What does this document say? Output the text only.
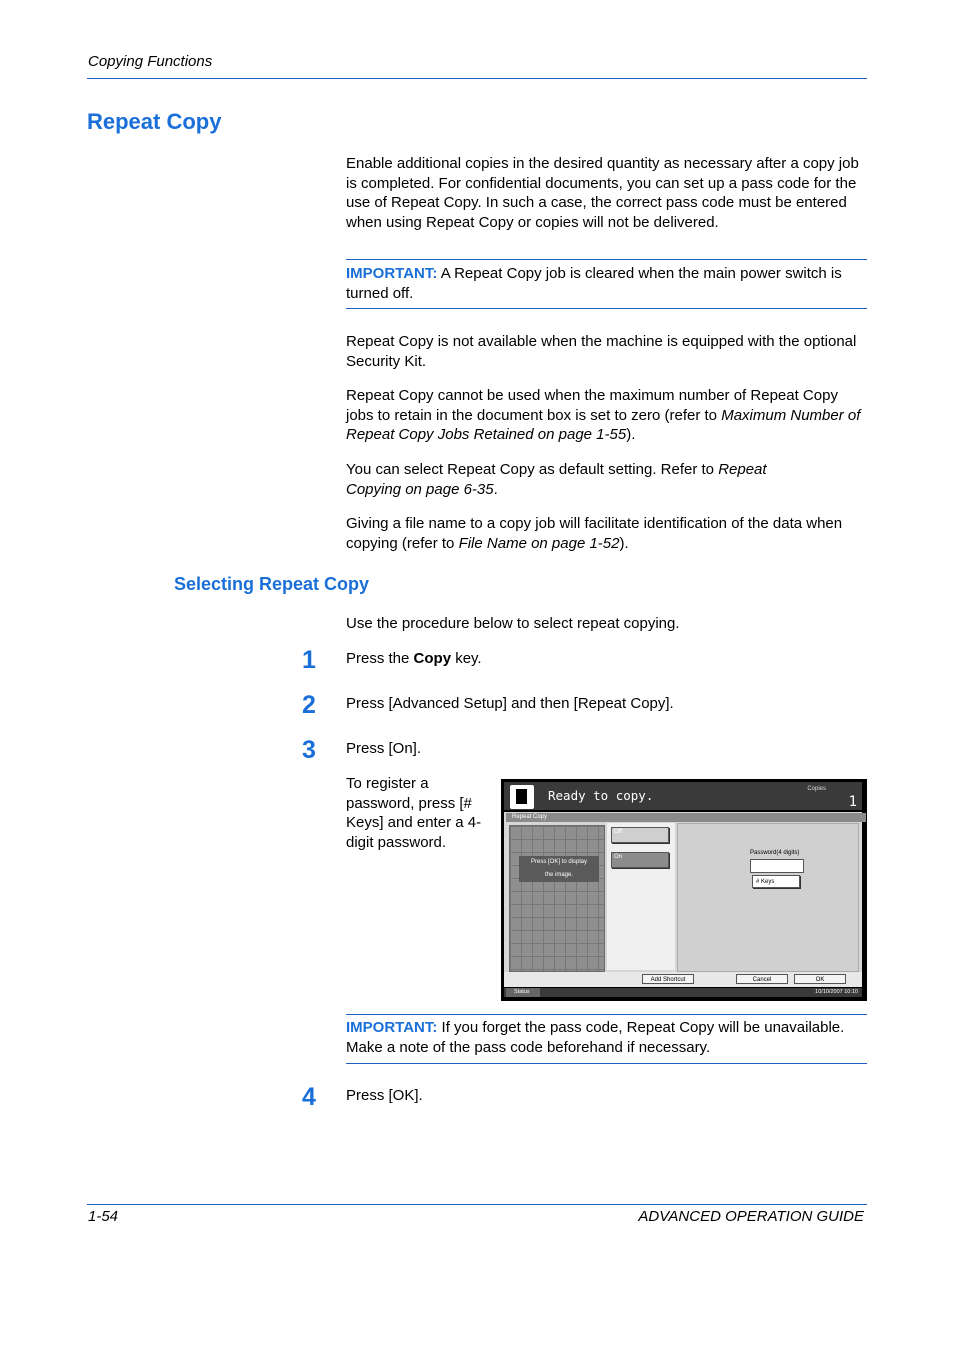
Copying Functions
Repeat Copy
Enable additional copies in the desired quantity as necessary after a copy job is completed. For confidential documents, you can set up a pass code for the use of Repeat Copy. In such a case, the correct pass code must be entered when using Repeat Copy or copies will not be delivered.
IMPORTANT: A Repeat Copy job is cleared when the main power switch is turned off.
Repeat Copy is not available when the machine is equipped with the optional Security Kit.
Repeat Copy cannot be used when the maximum number of Repeat Copy jobs to retain in the document box is set to zero (refer to Maximum Number of Repeat Copy Jobs Retained on page 1-55).
You can select Repeat Copy as default setting. Refer to Repeat Copying on page 6-35.
Giving a file name to a copy job will facilitate identification of the data when copying (refer to File Name on page 1-52).
Selecting Repeat Copy
Use the procedure below to select repeat copying.
1 Press the Copy key.
2 Press [Advanced Setup] and then [Repeat Copy].
3 Press [On].
To register a password, press [# Keys] and enter a 4-digit password.
Ready to copy.	Copies
1
Repeat Copy
Press [OK] to display
the image.
Off
On
Password(4 digits)
# Keys
Add Shortcut	Cancel	OK
Status	10/10/2007 10:10
IMPORTANT: If you forget the pass code, Repeat Copy will be unavailable. Make a note of the pass code beforehand if necessary.
4 Press [OK].
1-54	ADVANCED OPERATION GUIDE
